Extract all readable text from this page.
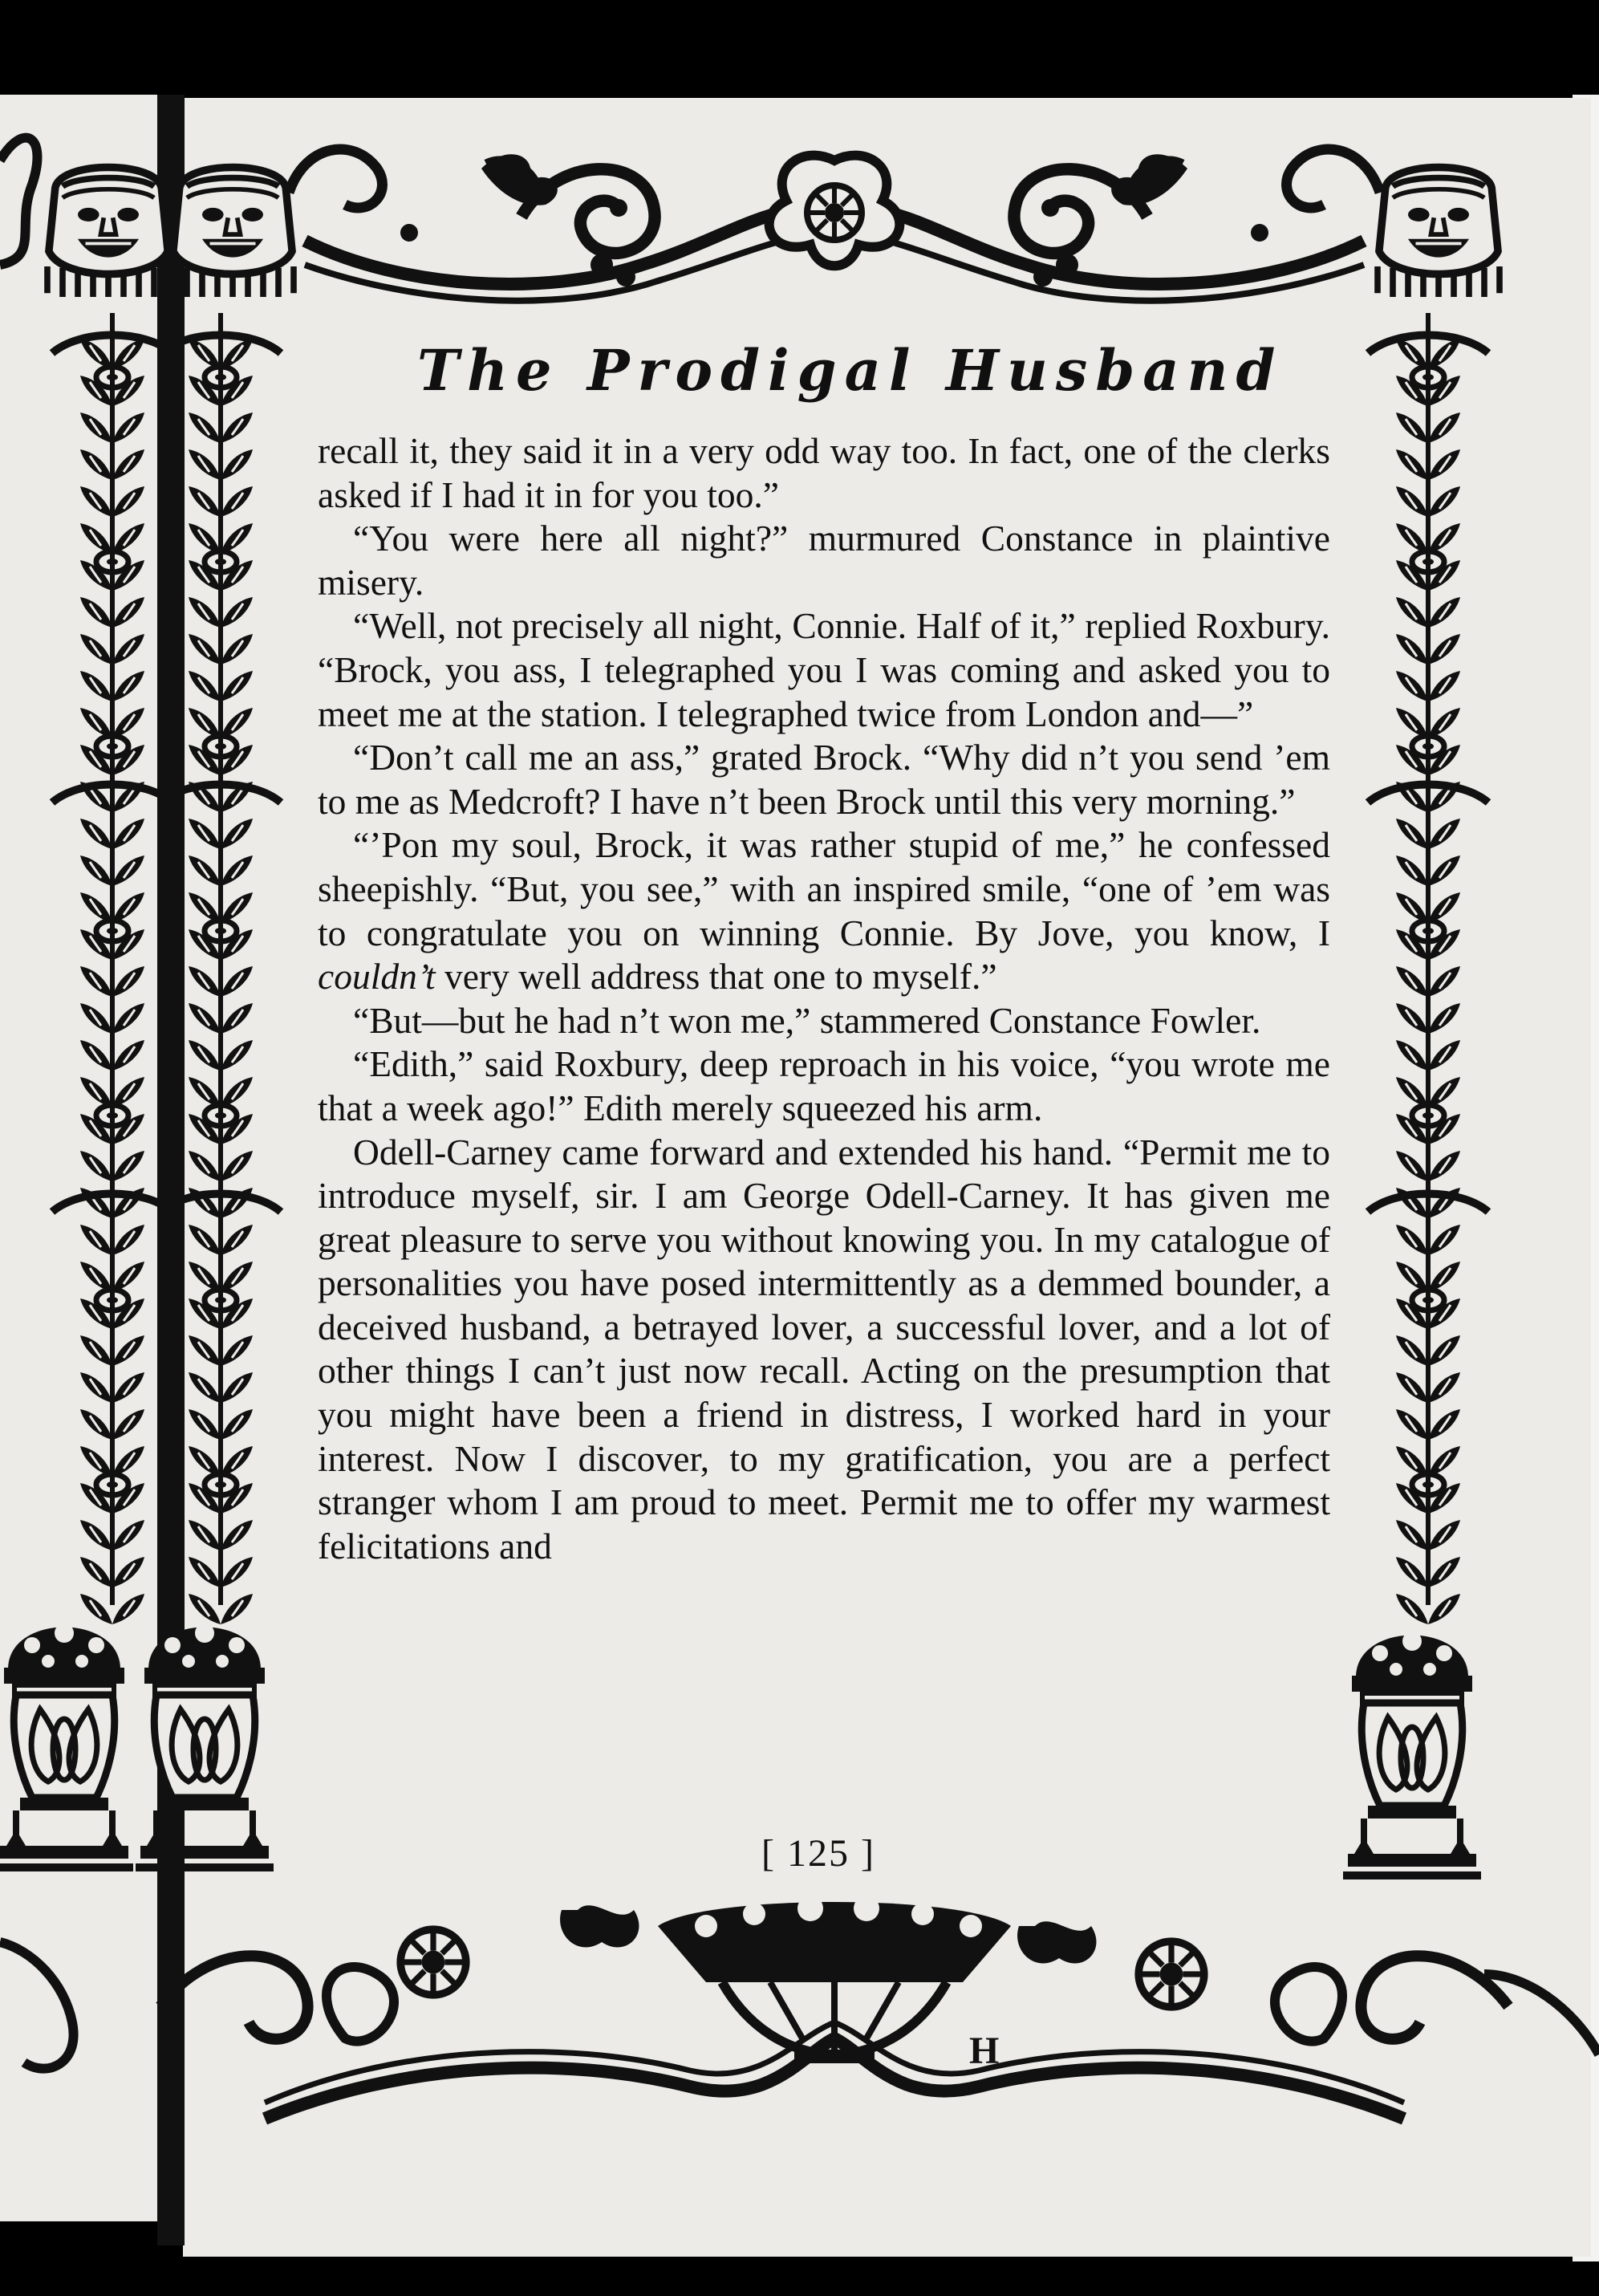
The Prodigal Husband

recall it, they said it in a very odd way too. In fact, one of the clerks asked if I had it in for you too.”

“You were here all night?” murmured Constance in plaintive misery.

“Well, not precisely all night, Connie. Half of it,” replied Roxbury. “Brock, you ass, I telegraphed you I was coming and asked you to meet me at the station. I telegraphed twice from London and—”

“Don’t call me an ass,” grated Brock. “Why did n’t you send ’em to me as Medcroft? I have n’t been Brock until this very morning.”

“’Pon my soul, Brock, it was rather stupid of me,” he confessed sheepishly. “But, you see,” with an inspired smile, “one of ’em was to congratulate you on winning Connie. By Jove, you know, I couldn’t very well address that one to myself.”

“But—but he had n’t won me,” stammered Constance Fowler.

“Edith,” said Roxbury, deep reproach in his voice, “you wrote me that a week ago!” Edith merely squeezed his arm.

Odell-Carney came forward and extended his hand. “Permit me to introduce myself, sir. I am George Odell-Carney. It has given me great pleasure to serve you without knowing you. In my catalogue of personalities you have posed intermittently as a demmed bounder, a deceived husband, a betrayed lover, a successful lover, and a lot of other things I can’t just now recall. Acting on the presumption that you might have been a friend in distress, I worked hard in your interest. Now I discover, to my gratification, you are a perfect stranger whom I am proud to meet. Permit me to offer my warmest felicitations and

[ 125 ]
H
